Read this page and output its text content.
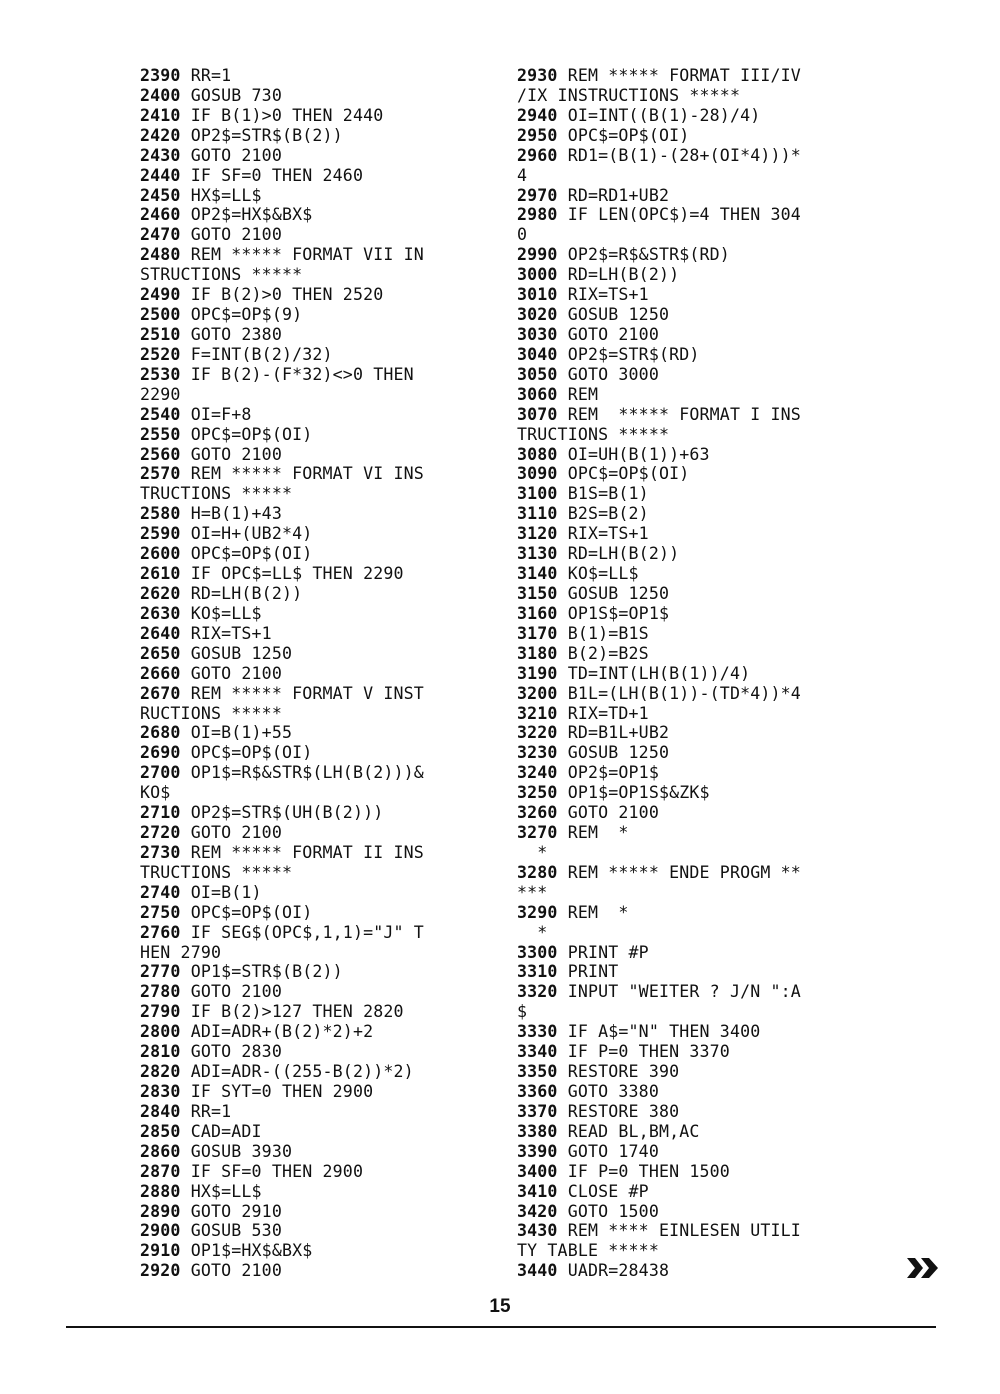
2390 RR=1
2400 GOSUB 730
2410 IF B(1)>0 THEN 2440
2420 OP2$=STR$(B(2))
2430 GOTO 2100
2440 IF SF=0 THEN 2460
2450 HX$=LL$
2460 OP2$=HX$&BX$
2470 GOTO 2100
2480 REM ***** FORMAT VII IN
STRUCTIONS *****
2490 IF B(2)>0 THEN 2520
2500 OPC$=OP$(9)
2510 GOTO 2380
2520 F=INT(B(2)/32)
2530 IF B(2)-(F*32)<>0 THEN
2290
2540 OI=F+8
2550 OPC$=OP$(OI)
2560 GOTO 2100
2570 REM ***** FORMAT VI INS
TRUCTIONS *****
2580 H=B(1)+43
2590 OI=H+(UB2*4)
2600 OPC$=OP$(OI)
2610 IF OPC$=LL$ THEN 2290
2620 RD=LH(B(2))
2630 KO$=LL$
2640 RIX=TS+1
2650 GOSUB 1250
2660 GOTO 2100
2670 REM ***** FORMAT V INST
RUCTIONS *****
2680 OI=B(1)+55
2690 OPC$=OP$(OI)
2700 OP1$=R$&STR$(LH(B(2)))&
KO$
2710 OP2$=STR$(UH(B(2)))
2720 GOTO 2100
2730 REM ***** FORMAT II INS
TRUCTIONS *****
2740 OI=B(1)
2750 OPC$=OP$(OI)
2760 IF SEG$(OPC$,1,1)="J" T
HEN 2790
2770 OP1$=STR$(B(2))
2780 GOTO 2100
2790 IF B(2)>127 THEN 2820
2800 ADI=ADR+(B(2)*2)+2
2810 GOTO 2830
2820 ADI=ADR-((255-B(2))*2)
2830 IF SYT=0 THEN 2900
2840 RR=1
2850 CAD=ADI
2860 GOSUB 3930
2870 IF SF=0 THEN 2900
2880 HX$=LL$
2890 GOTO 2910
2900 GOSUB 530
2910 OP1$=HX$&BX$
2920 GOTO 2100
2930 REM ***** FORMAT III/IV
/IX INSTRUCTIONS *****
2940 OI=INT((B(1)-28)/4)
2950 OPC$=OP$(OI)
2960 RD1=(B(1)-(28+(OI*4)))*
4
2970 RD=RD1+UB2
2980 IF LEN(OPC$)=4 THEN 304
0
2990 OP2$=R$&STR$(RD)
3000 RD=LH(B(2))
3010 RIX=TS+1
3020 GOSUB 1250
3030 GOTO 2100
3040 OP2$=STR$(RD)
3050 GOTO 3000
3060 REM
3070 REM  ***** FORMAT I INS
TRUCTIONS *****
3080 OI=UH(B(1))+63
3090 OPC$=OP$(OI)
3100 B1S=B(1)
3110 B2S=B(2)
3120 RIX=TS+1
3130 RD=LH(B(2))
3140 KO$=LL$
3150 GOSUB 1250
3160 OP1S$=OP1$
3170 B(1)=B1S
3180 B(2)=B2S
3190 TD=INT(LH(B(1))/4)
3200 B1L=(LH(B(1))-(TD*4))*4
3210 RIX=TD+1
3220 RD=B1L+UB2
3230 GOSUB 1250
3240 OP2$=OP1$
3250 OP1$=OP1S$&ZK$
3260 GOTO 2100
3270 REM  *
*
3280 REM ***** ENDE PROGM **
***
3290 REM  *
*
3300 PRINT #P
3310 PRINT
3320 INPUT "WEITER ? J/N ":A
$
3330 IF A$="N" THEN 3400
3340 IF P=0 THEN 3370
3350 RESTORE 390
3360 GOTO 3380
3370 RESTORE 380
3380 READ BL,BM,AC
3390 GOTO 1740
3400 IF P=0 THEN 1500
3410 CLOSE #P
3420 GOTO 1500
3430 REM **** EINLESEN UTILI
TY TABLE *****
3440 UADR=28438
15
